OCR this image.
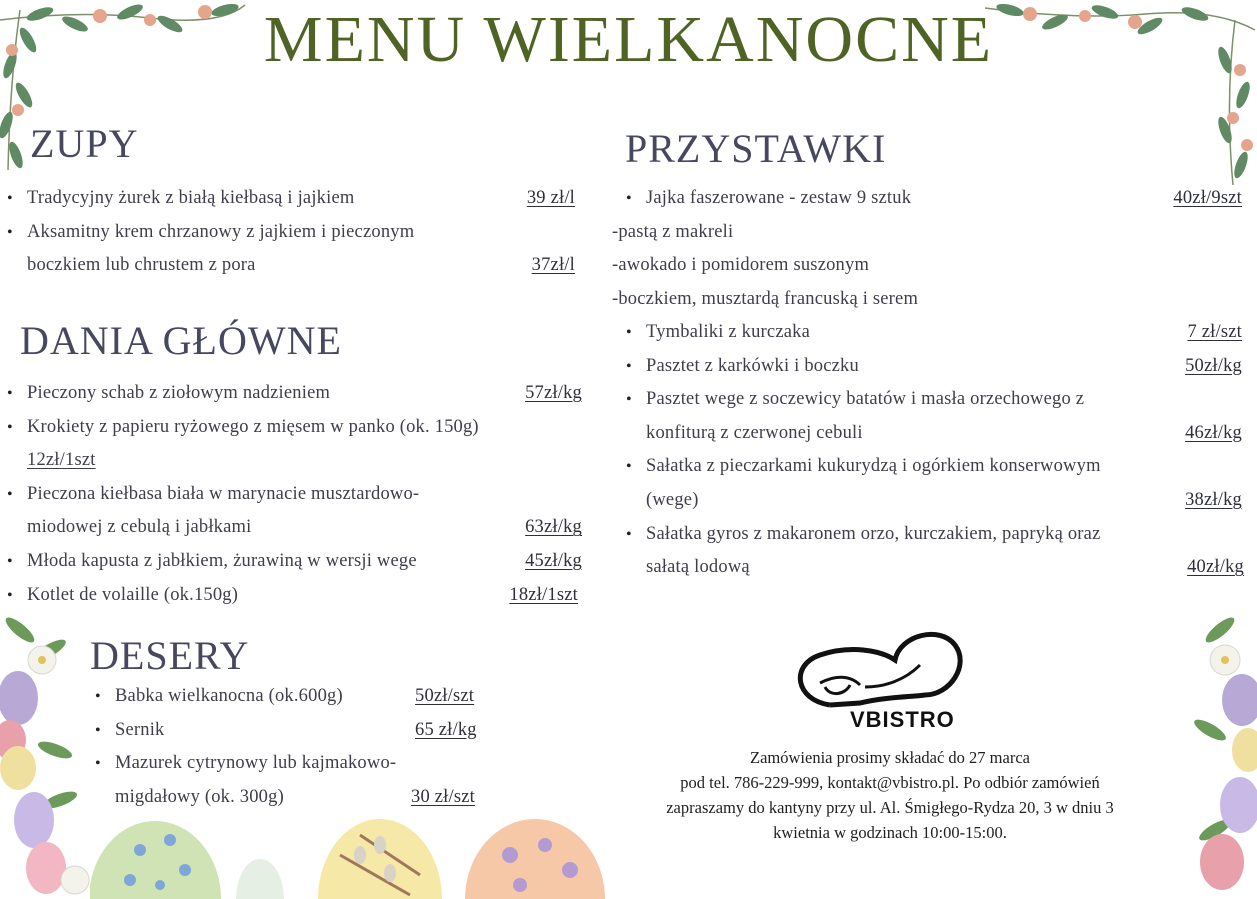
MENU WIELKANOCNE
ZUPY
• Tradycyjny żurek z białą kiełbasą i jajkiem	39 zł/l
• Aksamitny krem chrzanowy z jajkiem i pieczonym
boczkiem lub chrustem z pora	37zł/l
DANIA GŁÓWNE
• Pieczony schab z ziołowym nadzieniem	57zł/kg
• Krokiety z papieru ryżowego z mięsem w panko (ok. 150g)
12zł/1szt
• Pieczona kiełbasa biała w marynacie musztardowo-
miodowej z cebulą i jabłkami	63zł/kg
• Młoda kapusta z jabłkiem, żurawiną w wersji wege	45zł/kg
• Kotlet de volaille (ok.150g)	18zł/1szt
DESERY
• Babka wielkanocna (ok.600g)	50zł/szt
• Sernik	65 zł/kg
• Mazurek cytrynowy lub kajmakowo-
migdałowy (ok. 300g)	30 zł/szt
PRZYSTAWKI
• Jajka faszerowane - zestaw 9 sztuk	40zł/9szt
-pastą z makreli
-awokado i pomidorem suszonym
-boczkiem, musztardą francuską i serem
• Tymbaliki z kurczaka	7 zł/szt
• Pasztet z karkówki i boczku	50zł/kg
• Pasztet wege z soczewicy batatów i masła orzechowego z
konfiturą z czerwonej cebuli	46zł/kg
• Sałatka z pieczarkami kukurydzą i ogórkiem konserwowym
(wege)	38zł/kg
• Sałatka gyros z makaronem orzo, kurczakiem, papryką oraz
sałatą lodową	40zł/kg
VBISTRO
Zamówienia prosimy składać do 27 marca
pod tel. 786-229-999, kontakt@vbistro.pl. Po odbiór zamówień
zapraszamy do kantyny przy ul. Al. Śmigłego-Rydza 20, 3 w dniu 3
kwietnia w godzinach 10:00-15:00.
